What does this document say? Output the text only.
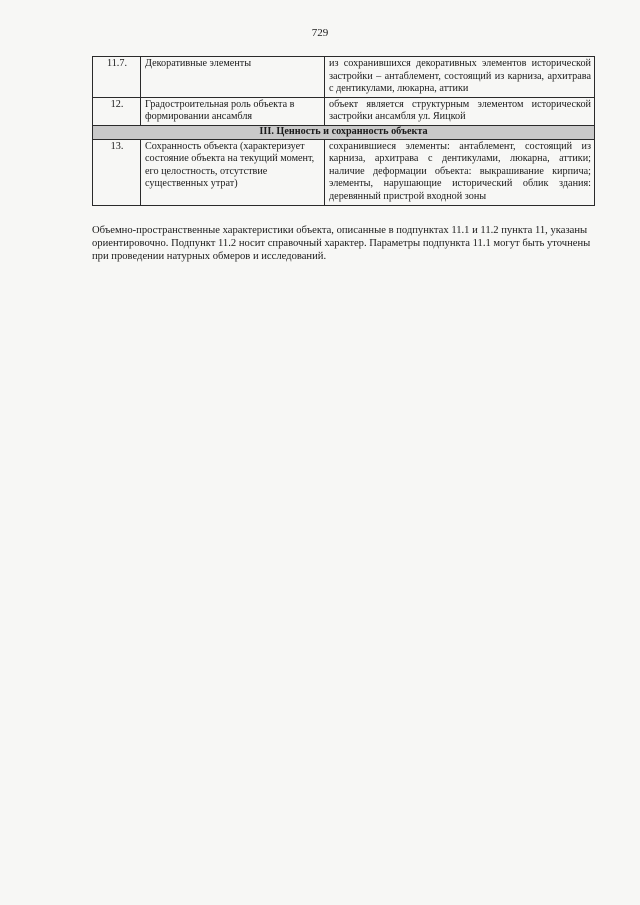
729
11.7.	Декоративные элементы	из сохранившихся декоративных элементов исторической застройки – антаблемент, состоящий из карниза, архитрава с дентикулами, люкарна, аттики
12.	Градостроительная роль объекта в формировании ансамбля	объект является структурным элементом исторической застройки ансамбля ул. Яицкой
III. Ценность и сохранность объекта		
13.	Сохранность объекта (характеризует состояние объекта на текущий момент, его целостность, отсутствие существенных утрат)	сохранившиеся элементы: антаблемент, состоящий из карниза, архитрава с дентикулами, люкарна, аттики; наличие деформации объекта: выкрашивание кирпича; элементы, нарушающие исторический облик здания: деревянный пристрой входной зоны

Объемно-пространственные характеристики объекта, описанные в подпунктах 11.1 и 11.2 пункта 11, указаны ориентировочно. Подпункт 11.2 носит справочный характер. Параметры подпункта 11.1 могут быть уточнены при проведении натурных обмеров и исследований.
